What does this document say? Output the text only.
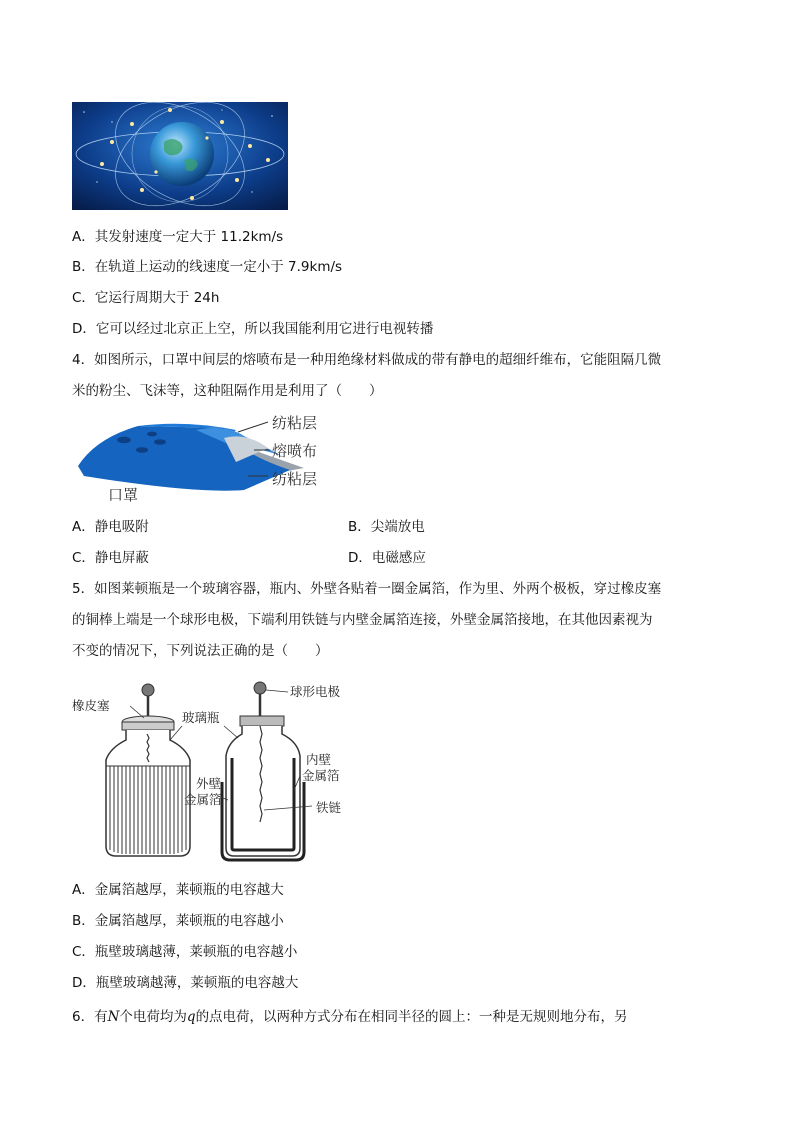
A．其发射速度一定大于 11.2km/s
B．在轨道上运动的线速度一定小于 7.9km/s
C．它运行周期大于 24h
D．它可以经过北京正上空，所以我国能利用它进行电视转播
4．如图所示，口罩中间层的熔喷布是一种用绝缘材料做成的带有静电的超细纤维布，它能阻隔几微
米的粉尘、飞沫等，这种阻隔作用是利用了（　　）
纺粘层
熔喷布
纺粘层
口罩
A．静电吸附	B．尖端放电
C．静电屏蔽	D．电磁感应
5．如图莱顿瓶是一个玻璃容器，瓶内、外壁各贴着一圈金属箔，作为里、外两个极板，穿过橡皮塞
的铜棒上端是一个球形电极，下端利用铁链与内壁金属箔连接，外壁金属箔接地，在其他因素视为
不变的情况下，下列说法正确的是（　　）
橡皮塞
玻璃瓶
球形电极
内壁
金属箔
外壁
金属箔
铁链
A．金属箔越厚，莱顿瓶的电容越大
B．金属箔越厚，莱顿瓶的电容越小
C．瓶壁玻璃越薄，莱顿瓶的电容越小
D．瓶壁玻璃越薄，莱顿瓶的电容越大
6．有N个电荷均为q的点电荷，以两种方式分布在相同半径的圆上：一种是无规则地分布，另
